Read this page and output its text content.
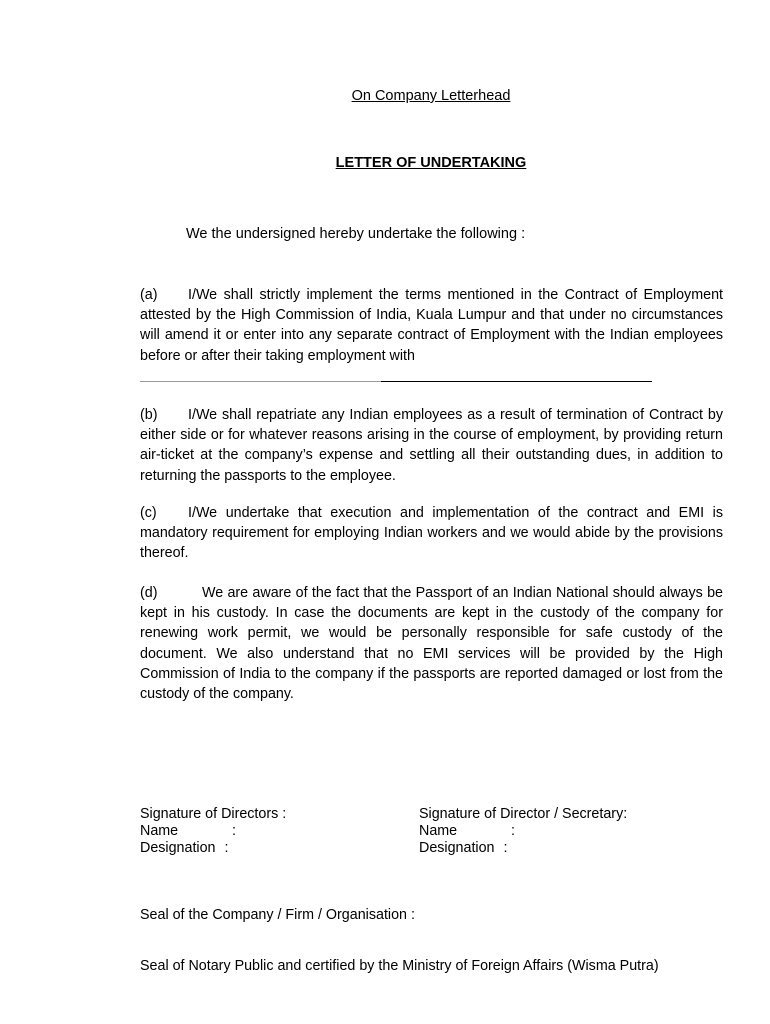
On Company Letterhead

LETTER OF UNDERTAKING

We the undersigned hereby undertake the following :

(a) I/We shall strictly implement the terms mentioned in the Contract of Employment attested by the High Commission of India, Kuala Lumpur and that under no circumstances will amend it or enter into any separate contract of Employment with the Indian employees before or after their taking employment with

(b) I/We shall repatriate any Indian employees as a result of termination of Contract by either side or for whatever reasons arising in the course of employment, by providing return air-ticket at the company’s expense and settling all their outstanding dues, in addition to returning the passports to the employee.

(c) I/We undertake that execution and implementation of the contract and EMI is mandatory requirement for employing Indian workers and we would abide by the provisions thereof.

(d)	We are aware of the fact that the Passport of an Indian National should always be kept in his custody. In case the documents are kept in the custody of the company for renewing work permit, we would be personally responsible for safe custody of the document. We also understand that no EMI services will be provided by the High Commission of India to the company if the passports are reported damaged or lost from the custody of the company.

Signature of Directors :
Name	:
Designation :
Signature of Director / Secretary:
Name	:
Designation :

Seal of the Company / Firm / Organisation :

Seal of Notary Public and certified by the Ministry of Foreign Affairs (Wisma Putra)
